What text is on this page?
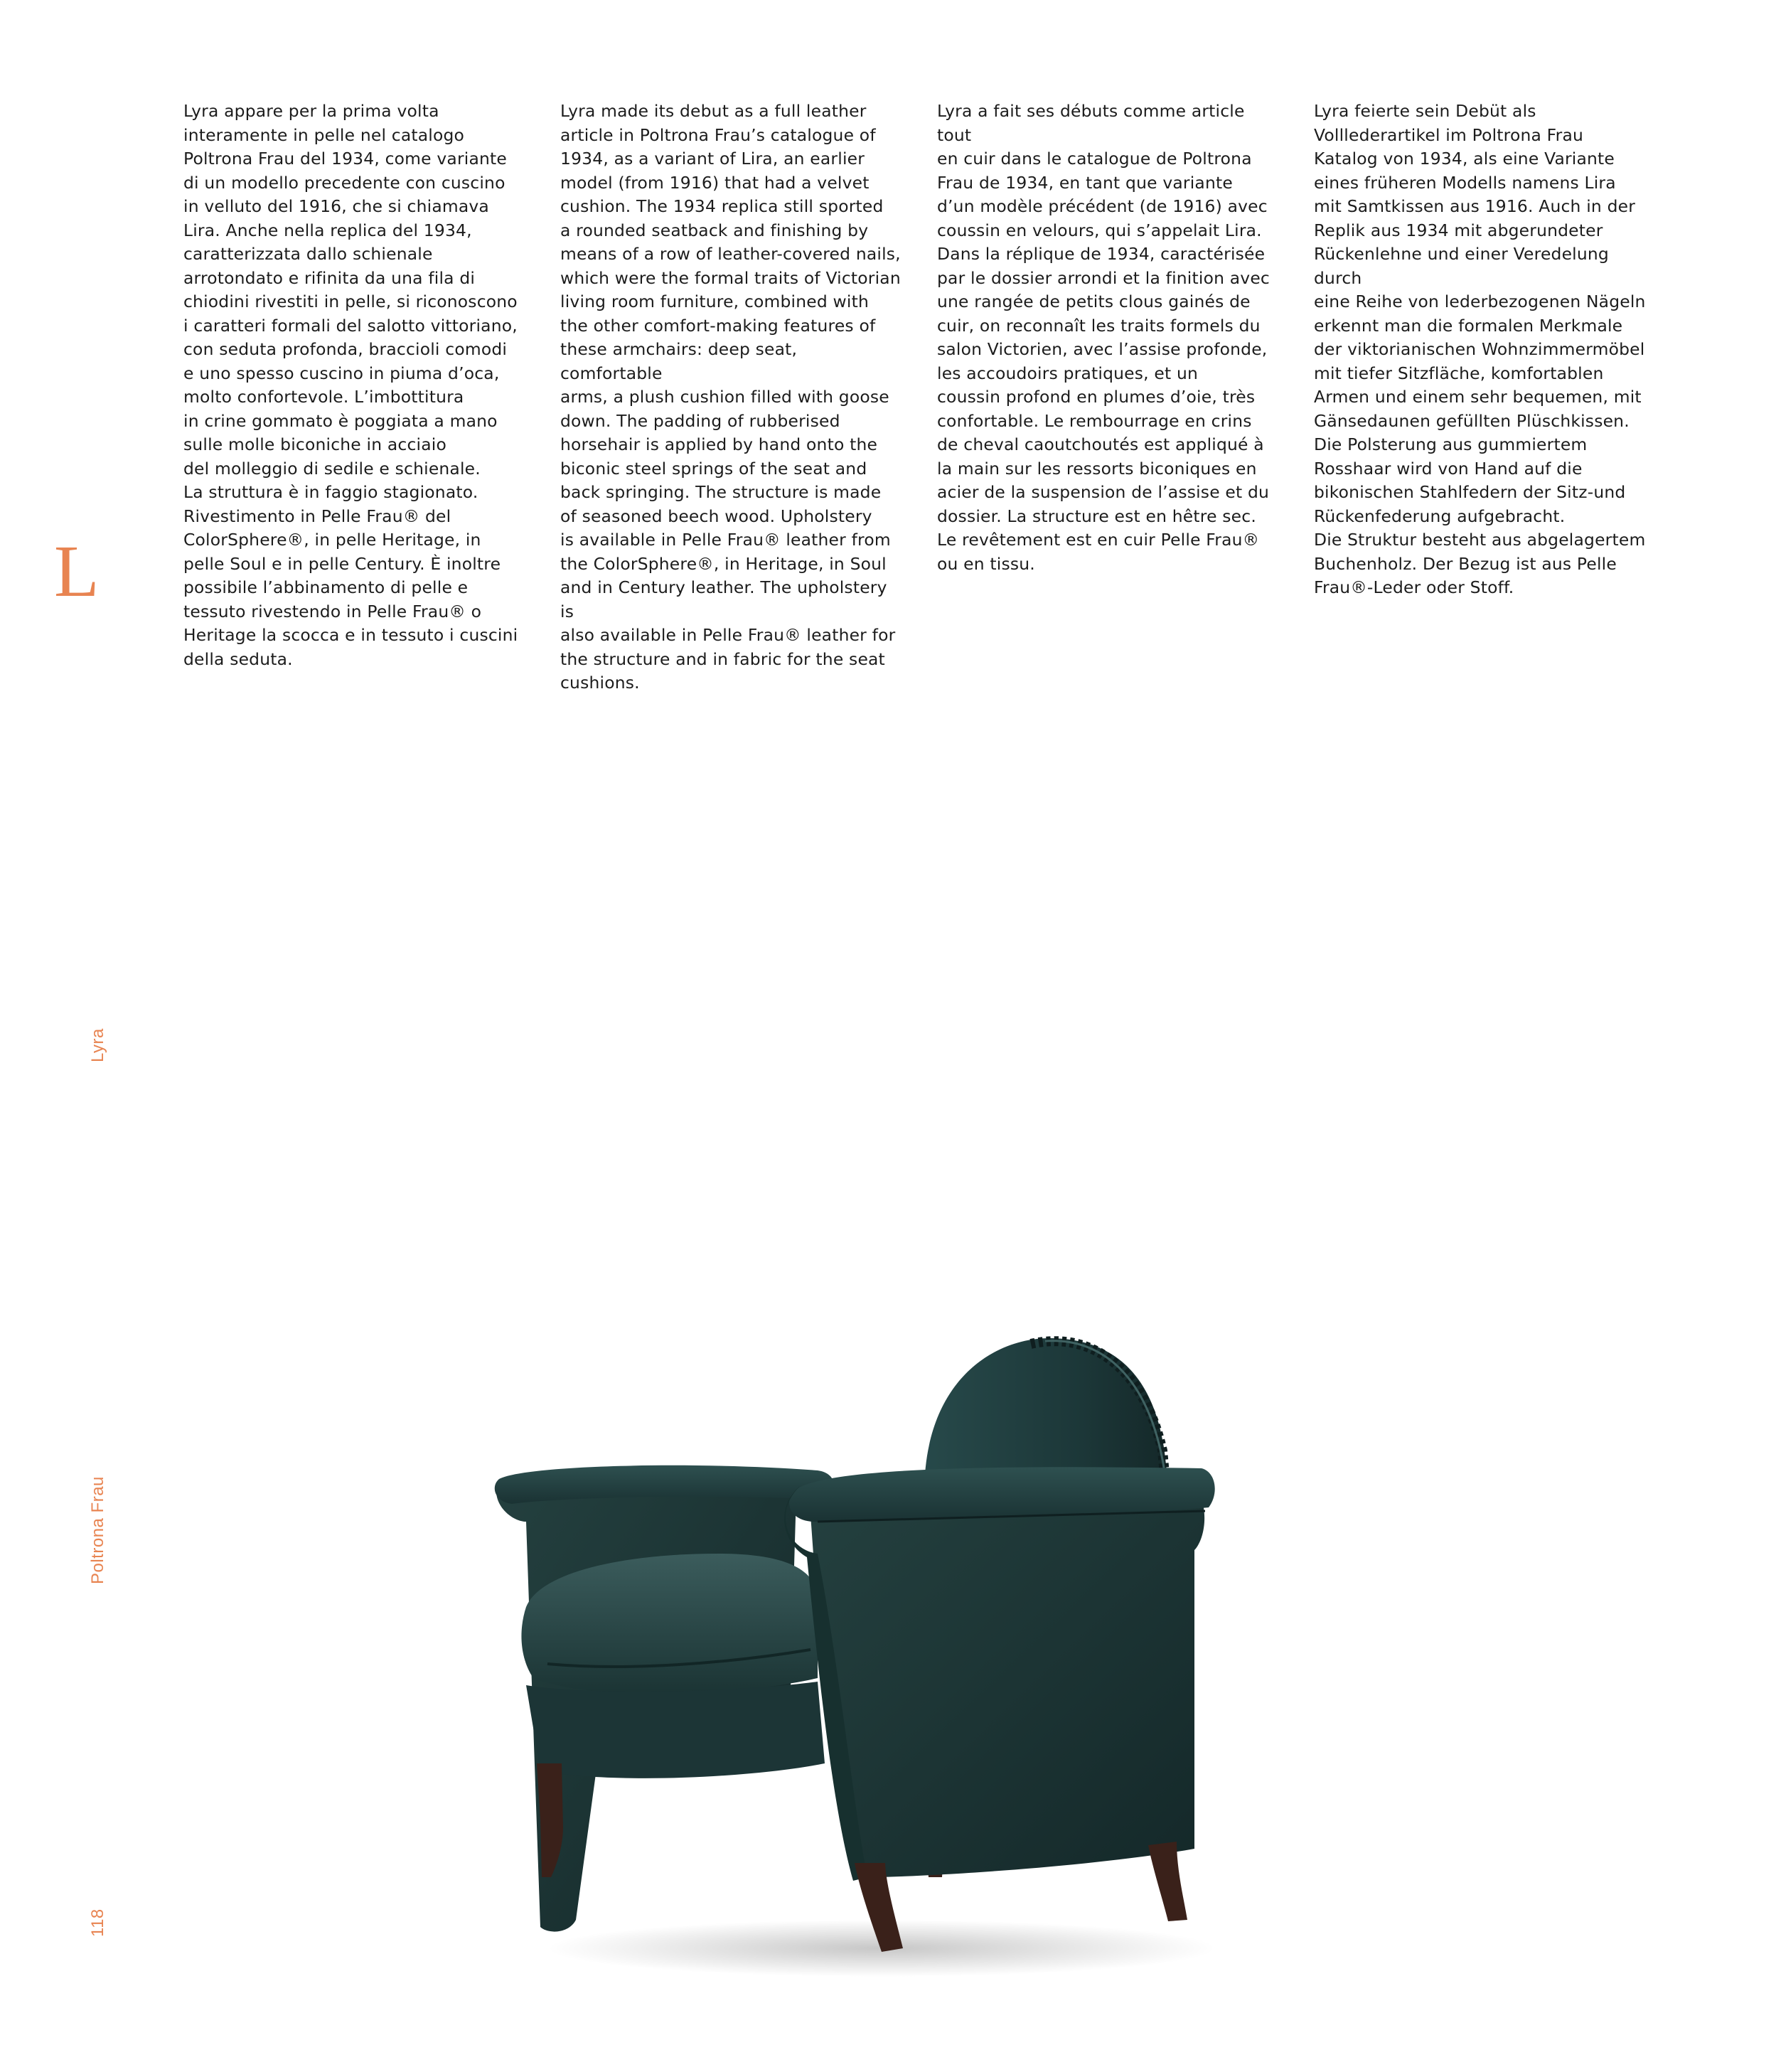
Lyra appare per la prima volta
interamente in pelle nel catalogo
Poltrona Frau del 1934, come variante
di un modello precedente con cuscino
in velluto del 1916, che si chiamava
Lira. Anche nella replica del 1934,
caratterizzata dallo schienale
arrotondato e rifinita da una fila di
chiodini rivestiti in pelle, si riconoscono
i caratteri formali del salotto vittoriano,
con seduta profonda, braccioli comodi
e uno spesso cuscino in piuma d’oca,
molto confortevole. L’imbottitura
in crine gommato è poggiata a mano
sulle molle biconiche in acciaio
del molleggio di sedile e schienale.
La struttura è in faggio stagionato.
Rivestimento in Pelle Frau® del
ColorSphere®, in pelle Heritage, in
pelle Soul e in pelle Century. È inoltre
possibile l’abbinamento di pelle e
tessuto rivestendo in Pelle Frau® o
Heritage la scocca e in tessuto i cuscini
della seduta.
Lyra made its debut as a full leather
article in Poltrona Frau’s catalogue of
1934, as a variant of Lira, an earlier
model (from 1916) that had a velvet
cushion. The 1934 replica still sported
a rounded seatback and finishing by
means of a row of leather-covered nails,
which were the formal traits of Victorian
living room furniture, combined with
the other comfort-making features of
these armchairs: deep seat, comfortable
arms, a plush cushion filled with goose
down. The padding of rubberised
horsehair is applied by hand onto the
biconic steel springs of the seat and
back springing. The structure is made
of seasoned beech wood. Upholstery
is available in Pelle Frau® leather from
the ColorSphere®, in Heritage, in Soul
and in Century leather. The upholstery is
also available in Pelle Frau® leather for
the structure and in fabric for the seat
cushions.
Lyra a fait ses débuts comme article tout
en cuir dans le catalogue de Poltrona
Frau de 1934, en tant que variante
d’un modèle précédent (de 1916) avec
coussin en velours, qui s’appelait Lira.
Dans la réplique de 1934, caractérisée
par le dossier arrondi et la finition avec
une rangée de petits clous gainés de
cuir, on reconnaît les traits formels du
salon Victorien, avec l’assise profonde,
les accoudoirs pratiques, et un
coussin profond en plumes d’oie, très
confortable. Le rembourrage en crins
de cheval caoutchoutés est appliqué à
la main sur les ressorts biconiques en
acier de la suspension de l’assise et du
dossier. La structure est en hêtre sec.
Le revêtement est en cuir Pelle Frau®
ou en tissu.
Lyra feierte sein Debüt als
Volllederartikel im Poltrona Frau
Katalog von 1934, als eine Variante
eines früheren Modells namens Lira
mit Samtkissen aus 1916. Auch in der
Replik aus 1934 mit abgerundeter
Rückenlehne und einer Veredelung durch
eine Reihe von lederbezogenen Nägeln
erkennt man die formalen Merkmale
der viktorianischen Wohnzimmermöbel
mit tiefer Sitzfläche, komfortablen
Armen und einem sehr bequemen, mit
Gänsedaunen gefüllten Plüschkissen.
Die Polsterung aus gummiertem
Rosshaar wird von Hand auf die
bikonischen Stahlfedern der Sitz-und
Rückenfederung aufgebracht.
Die Struktur besteht aus abgelagertem
Buchenholz. Der Bezug ist aus Pelle
Frau®-Leder oder Stoff.
L
Lyra
Poltrona Frau
118
